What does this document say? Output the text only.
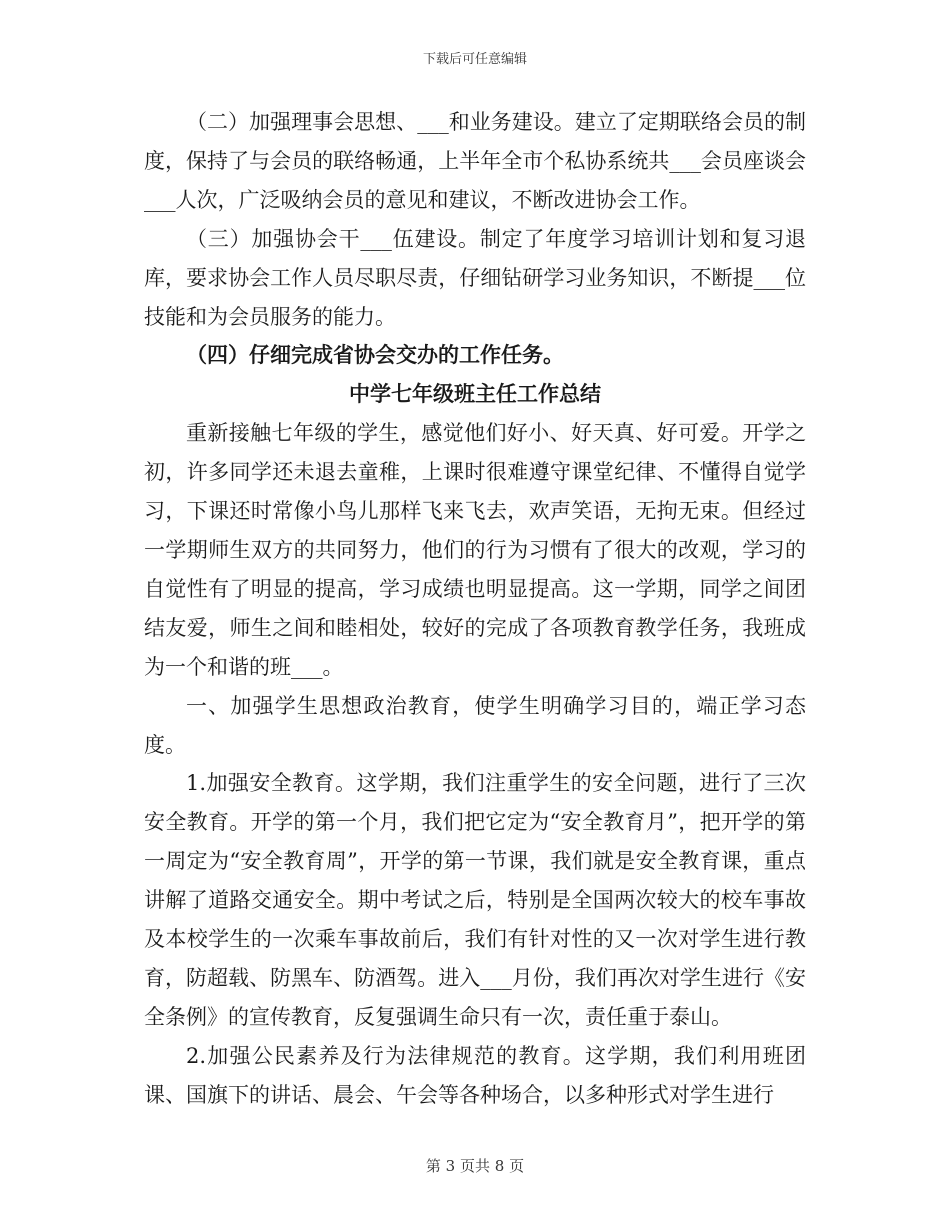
下载后可任意编辑

（二）加强理事会思想、___和业务建设。建立了定期联络会员的制度，保持了与会员的联络畅通，上半年全市个私协系统共___会员座谈会___人次，广泛吸纳会员的意见和建议，不断改进协会工作。

（三）加强协会干___伍建设。制定了年度学习培训计划和复习退库，要求协会工作人员尽职尽责，仔细钻研学习业务知识，不断提___位技能和为会员服务的能力。

（四）仔细完成省协会交办的工作任务。

中学七年级班主任工作总结

重新接触七年级的学生，感觉他们好小、好天真、好可爱。开学之初，许多同学还未退去童稚，上课时很难遵守课堂纪律、不懂得自觉学习，下课还时常像小鸟儿那样飞来飞去，欢声笑语，无拘无束。但经过一学期师生双方的共同努力，他们的行为习惯有了很大的改观，学习的自觉性有了明显的提高，学习成绩也明显提高。这一学期，同学之间团结友爱，师生之间和睦相处，较好的完成了各项教育教学任务，我班成为一个和谐的班___。

一、加强学生思想政治教育，使学生明确学习目的，端正学习态度。

1.加强安全教育。这学期，我们注重学生的安全问题，进行了三次安全教育。开学的第一个月，我们把它定为“安全教育月”，把开学的第一周定为“安全教育周”，开学的第一节课，我们就是安全教育课，重点讲解了道路交通安全。期中考试之后，特别是全国两次较大的校车事故及本校学生的一次乘车事故前后，我们有针对性的又一次对学生进行教育，防超载、防黑车、防酒驾。进入___月份，我们再次对学生进行《安全条例》的宣传教育，反复强调生命只有一次，责任重于泰山。

2.加强公民素养及行为法律规范的教育。这学期，我们利用班团课、国旗下的讲话、晨会、午会等各种场合，以多种形式对学生进行

第 3 页共 8 页
